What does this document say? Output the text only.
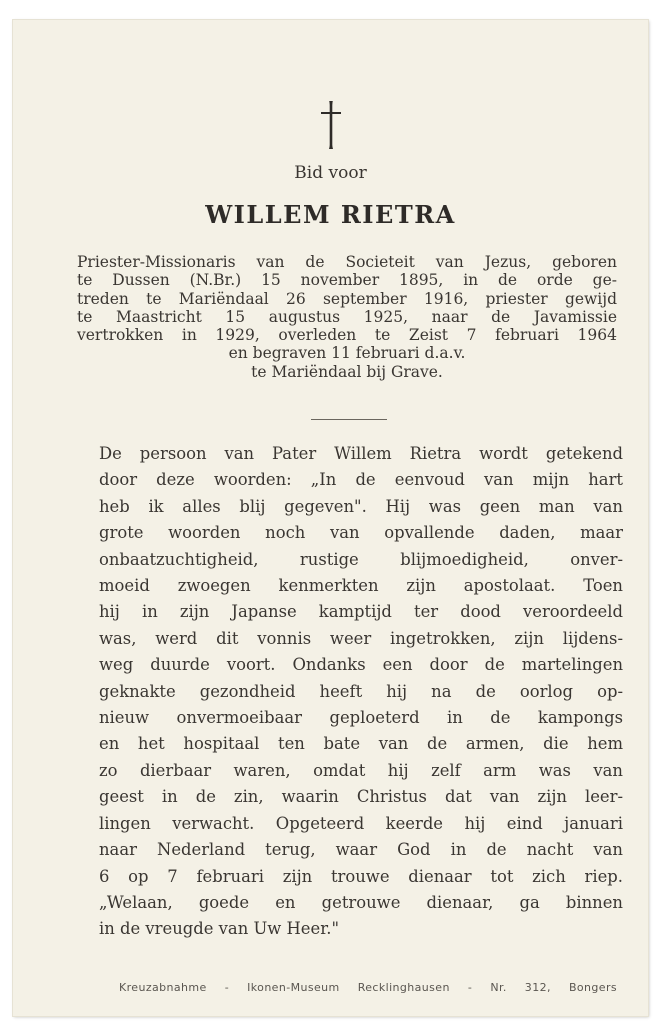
Bid voor
WILLEM RIETRA
Priester-Missionaris van de Societeit van Jezus, geboren
te Dussen (N.Br.) 15 november 1895, in de orde ge-
treden te Mariëndaal 26 september 1916, priester gewijd
te Maastricht 15 augustus 1925, naar de Javamissie
vertrokken in 1929, overleden te Zeist 7 februari 1964
en begraven 11 februari d.a.v.
te Mariëndaal bij Grave.
De persoon van Pater Willem Rietra wordt getekend
door deze woorden: „In de eenvoud van mijn hart
heb ik alles blij gegeven". Hij was geen man van
grote woorden noch van opvallende daden, maar
onbaatzuchtigheid, rustige blijmoedigheid, onver-
moeid zwoegen kenmerkten zijn apostolaat. Toen
hij in zijn Japanse kamptijd ter dood veroordeeld
was, werd dit vonnis weer ingetrokken, zijn lijdens-
weg duurde voort. Ondanks een door de martelingen
geknakte gezondheid heeft hij na de oorlog op-
nieuw onvermoeibaar geploeterd in de kampongs
en het hospitaal ten bate van de armen, die hem
zo dierbaar waren, omdat hij zelf arm was van
geest in de zin, waarin Christus dat van zijn leer-
lingen verwacht. Opgeteerd keerde hij eind januari
naar Nederland terug, waar God in de nacht van
6 op 7 februari zijn trouwe dienaar tot zich riep.
„Welaan, goede en getrouwe dienaar, ga binnen
in de vreugde van Uw Heer."
Kreuzabnahme - Ikonen-Museum Recklinghausen - Nr. 312, Bongers
